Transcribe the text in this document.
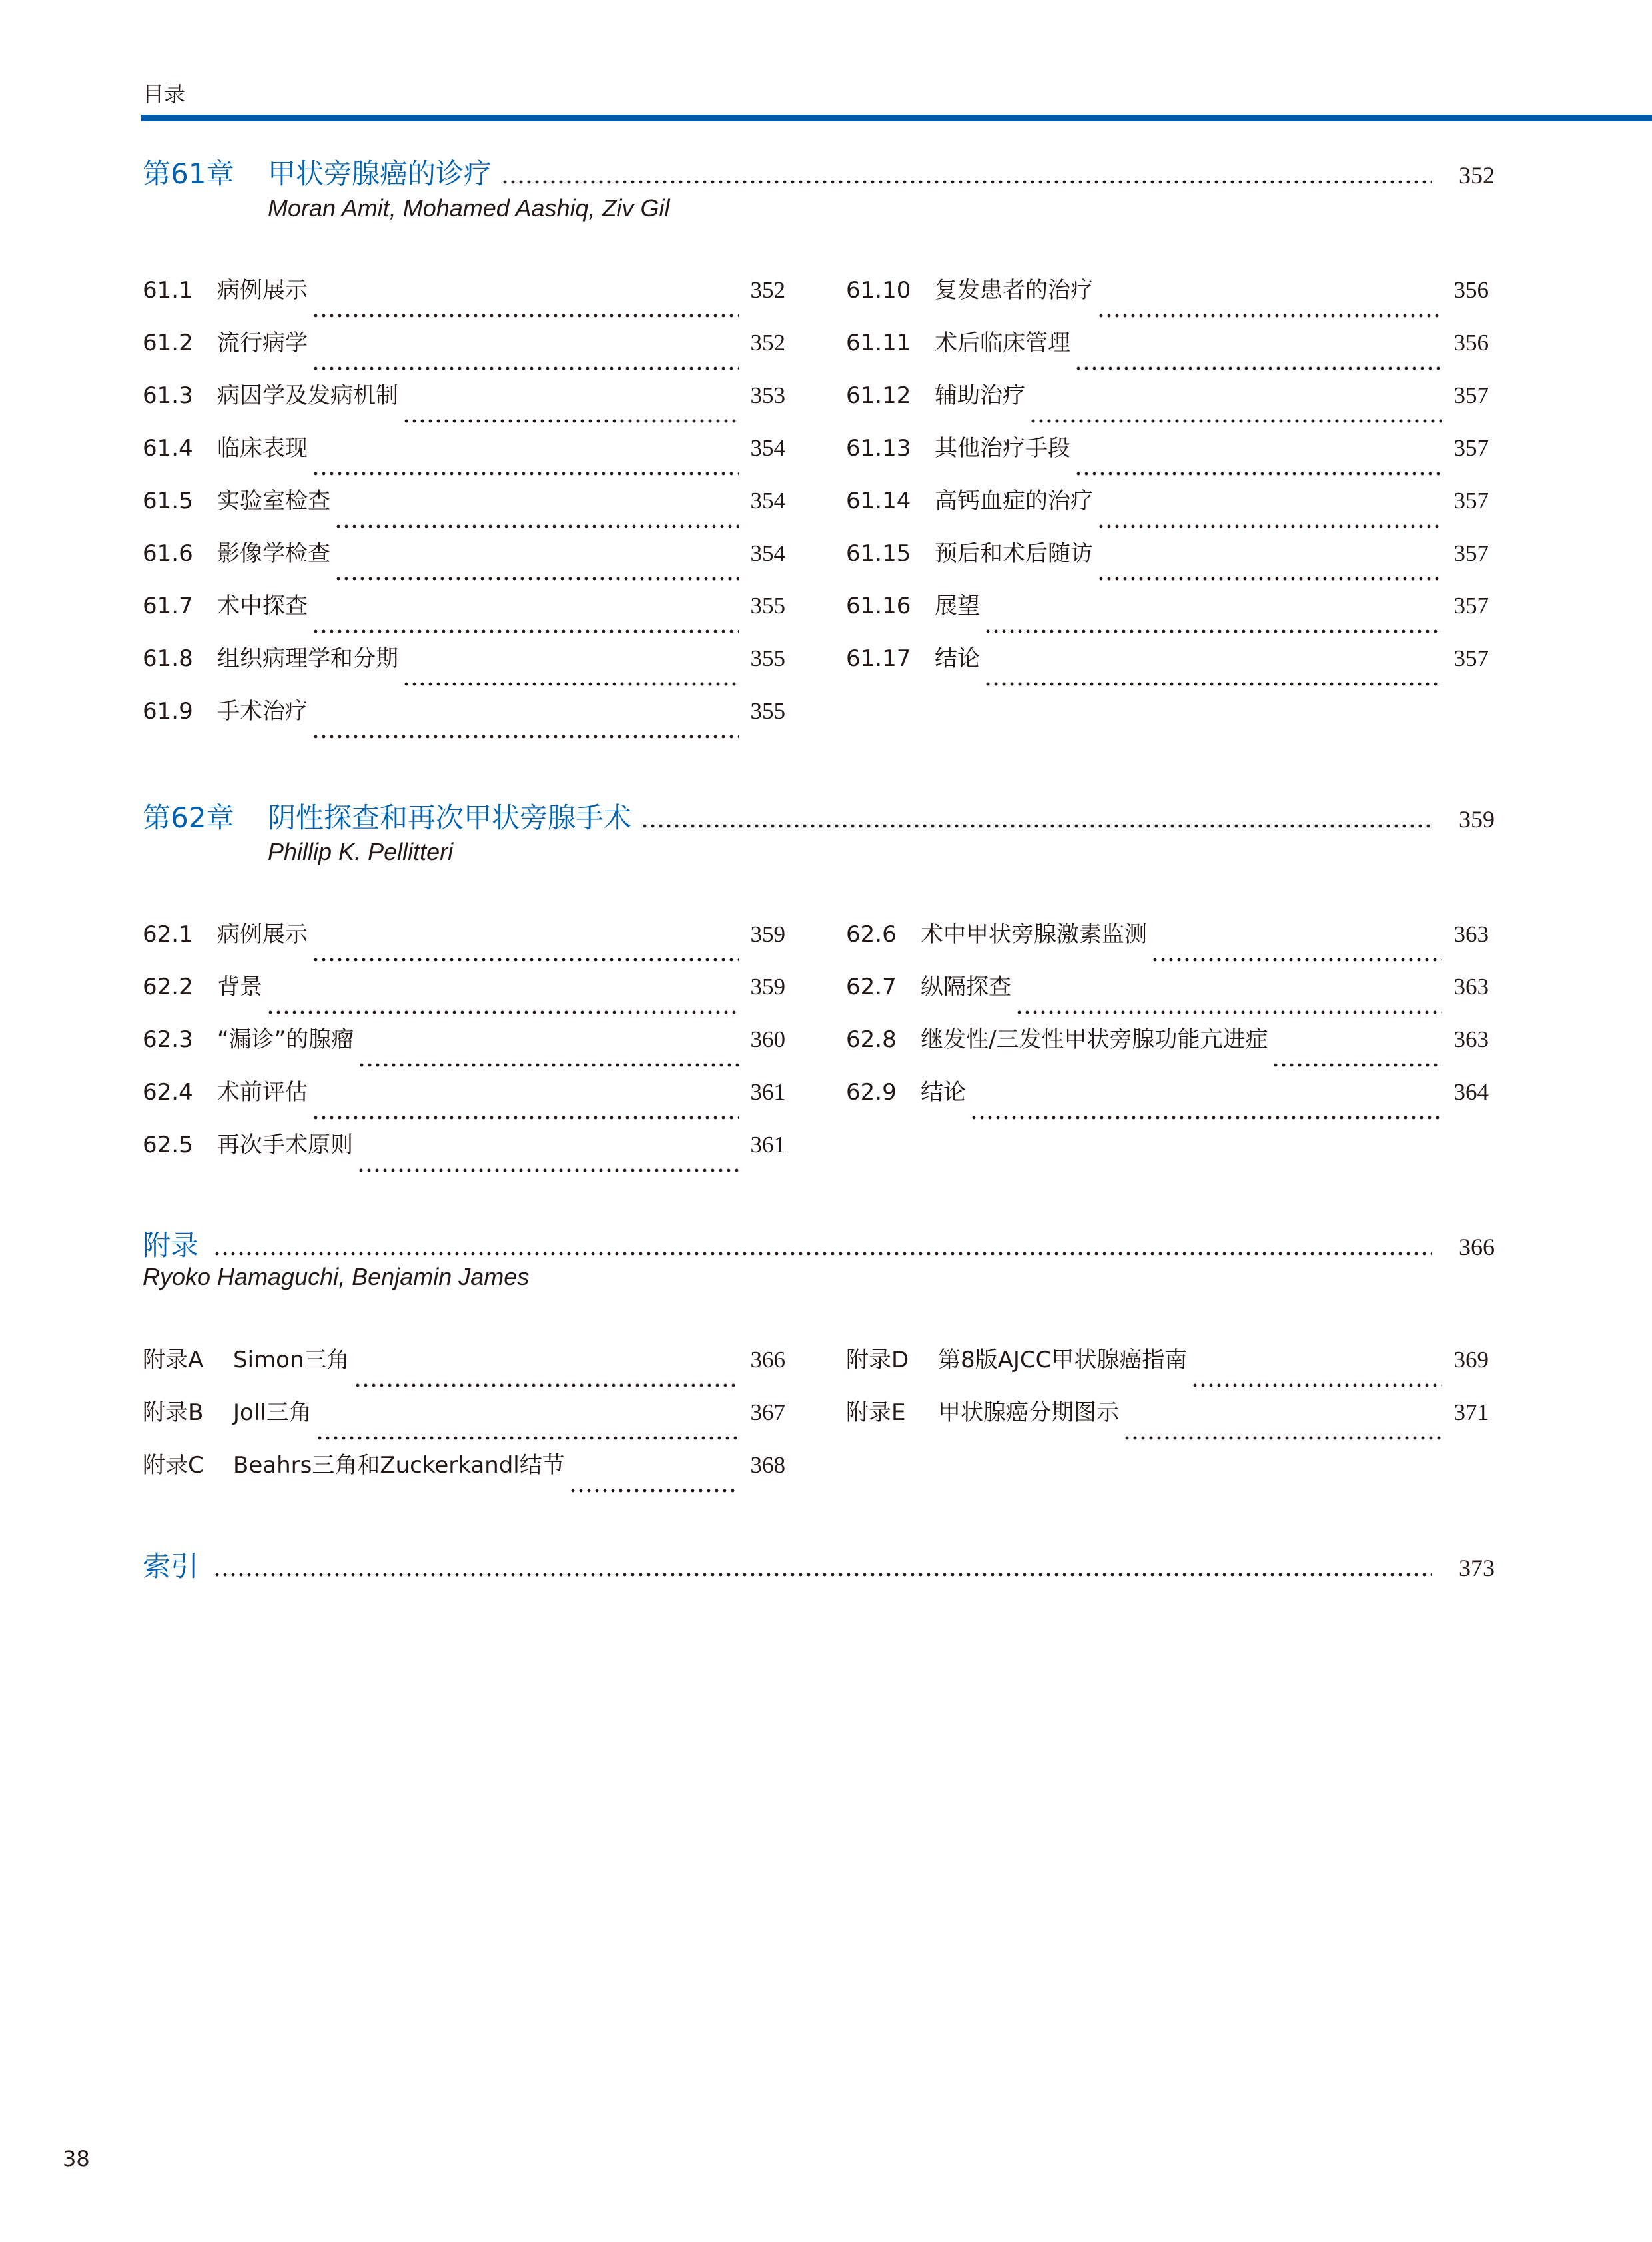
目录
第61章	甲状旁腺癌的诊疗	352
Moran Amit, Mohamed Aashiq, Ziv Gil
61.1	病例展示	352
61.2	流行病学	352
61.3	病因学及发病机制	353
61.4	临床表现	354
61.5	实验室检查	354
61.6	影像学检查	354
61.7	术中探查	355
61.8	组织病理学和分期	355
61.9	手术治疗	355
61.10	复发患者的治疗	356
61.11	术后临床管理	356
61.12	辅助治疗	357
61.13	其他治疗手段	357
61.14	高钙血症的治疗	357
61.15	预后和术后随访	357
61.16	展望	357
61.17	结论	357
第62章	阴性探查和再次甲状旁腺手术	359
Phillip K. Pellitteri
62.1	病例展示	359
62.2	背景	359
62.3	“漏诊”的腺瘤	360
62.4	术前评估	361
62.5	再次手术原则	361
62.6	术中甲状旁腺激素监测	363
62.7	纵隔探查	363
62.8	继发性/三发性甲状旁腺功能亢进症	363
62.9	结论	364
附录	366
Ryoko Hamaguchi, Benjamin James
附录A	Simon三角	366
附录B	Joll三角	367
附录C	Beahrs三角和Zuckerkandl结节	368
附录D	第8版AJCC甲状腺癌指南	369
附录E	甲状腺癌分期图示	371
索引	373
38
